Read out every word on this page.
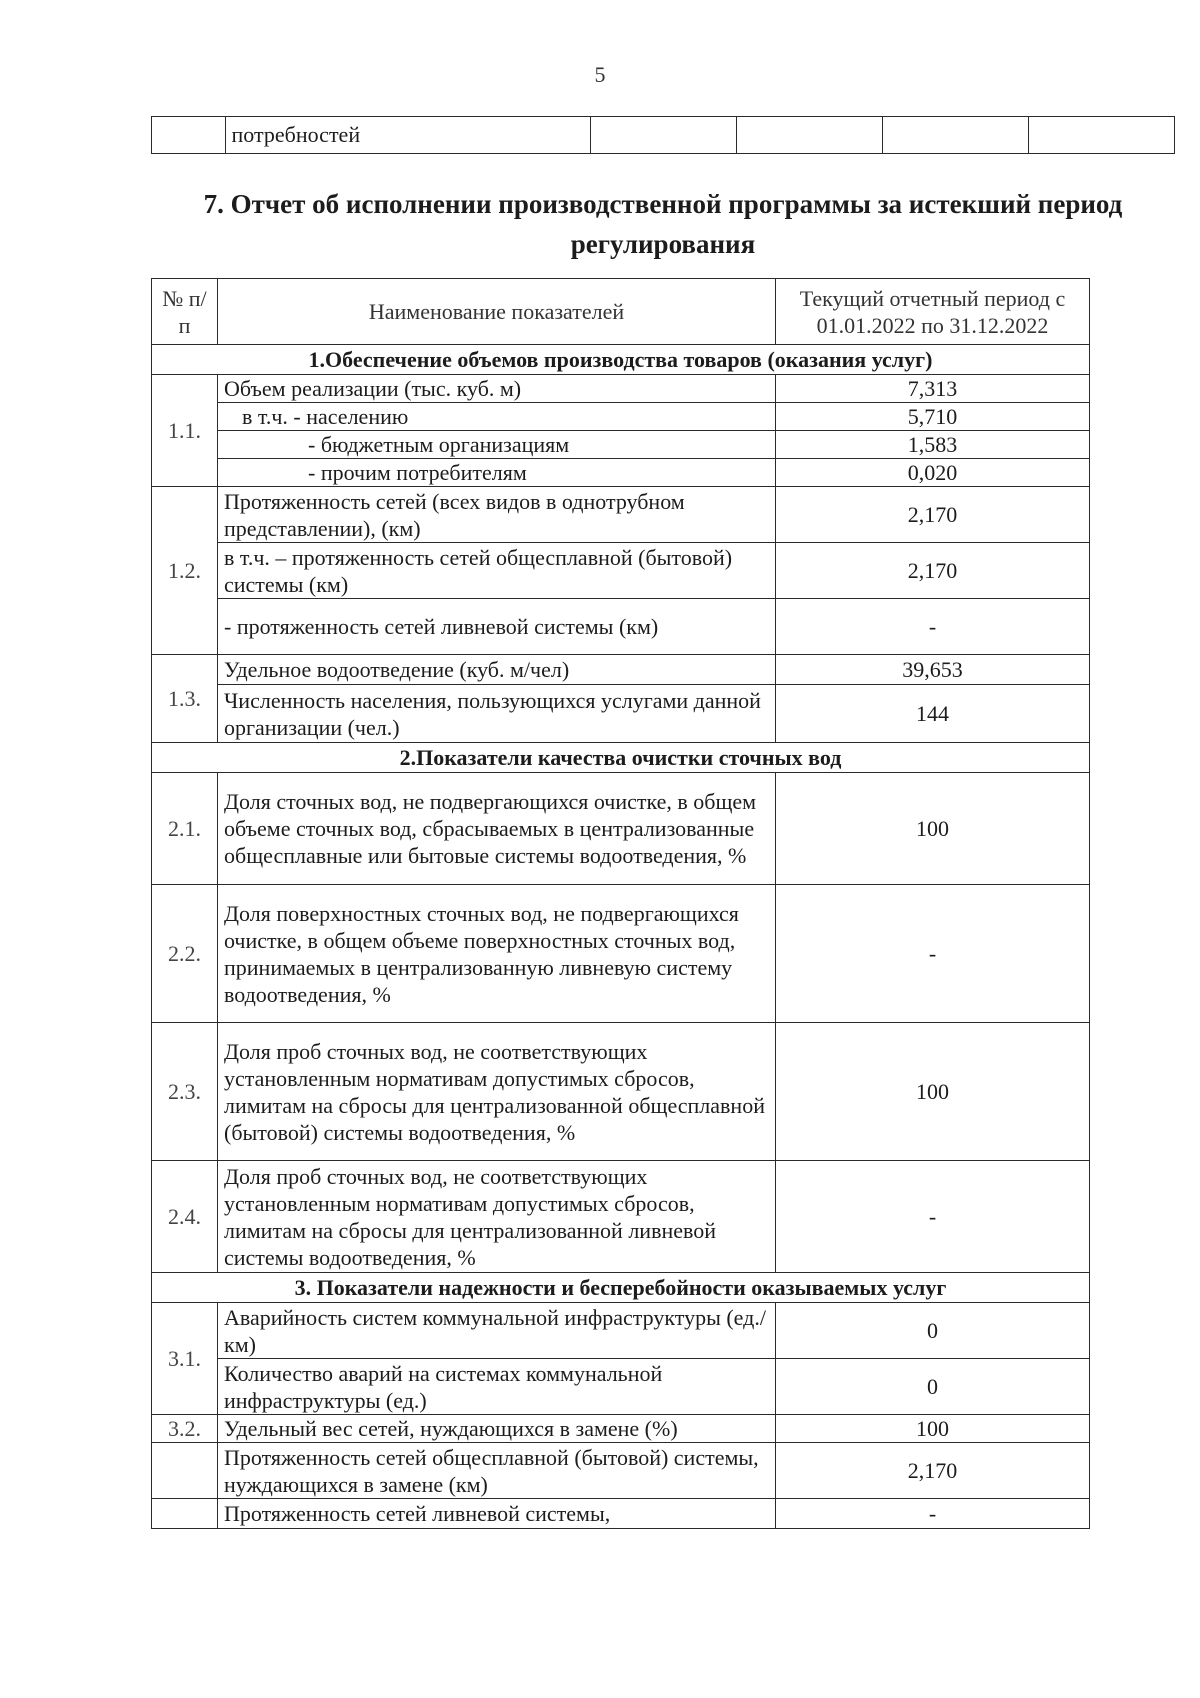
5
	потребностей				
7. Отчет об исполнении производственной программы за истекший период регулирования
№ п/п	Наименование показателей	Текущий отчетный период с 01.01.2022 по 31.12.2022
1.Обеспечение объемов производства товаров (оказания услуг)		
1.1.	Объем реализации (тыс. куб. м)	7,313
	в т.ч. - населению	5,710
	- бюджетным организациям	1,583
	- прочим потребителям	0,020
1.2.	Протяженность сетей (всех видов в однотрубном представлении), (км)	2,170
	в т.ч. – протяженность сетей общесплавной (бытовой) системы (км)	2,170
	- протяженность сетей ливневой системы (км)	-
1.3.	Удельное водоотведение (куб. м/чел)	39,653
	Численность населения, пользующихся услугами данной организации (чел.)	144
2.Показатели качества очистки сточных вод		
2.1.	Доля сточных вод, не подвергающихся очистке, в общем объеме сточных вод, сбрасываемых в централизованные общесплавные или бытовые системы водоотведения, %	100
2.2.	Доля поверхностных сточных вод, не подвергающихся очистке, в общем объеме поверхностных сточных вод, принимаемых в централизованную ливневую систему водоотведения, %	-
2.3.	Доля проб сточных вод, не соответствующих установленным нормативам допустимых сбросов, лимитам на сбросы для централизованной общесплавной (бытовой) системы водоотведения, %	100
2.4.	Доля проб сточных вод, не соответствующих установленным нормативам допустимых сбросов, лимитам на сбросы для централизованной ливневой системы водоотведения, %	-
3. Показатели надежности и бесперебойности оказываемых услуг		
3.1.	Аварийность систем коммунальной инфраструктуры (ед./км)	0
	Количество аварий на системах коммунальной инфраструктуры (ед.)	0
3.2.	Удельный вес сетей, нуждающихся в замене (%)	100
	Протяженность сетей общесплавной (бытовой) системы, нуждающихся в замене (км)	2,170
	Протяженность сетей ливневой системы,	-
